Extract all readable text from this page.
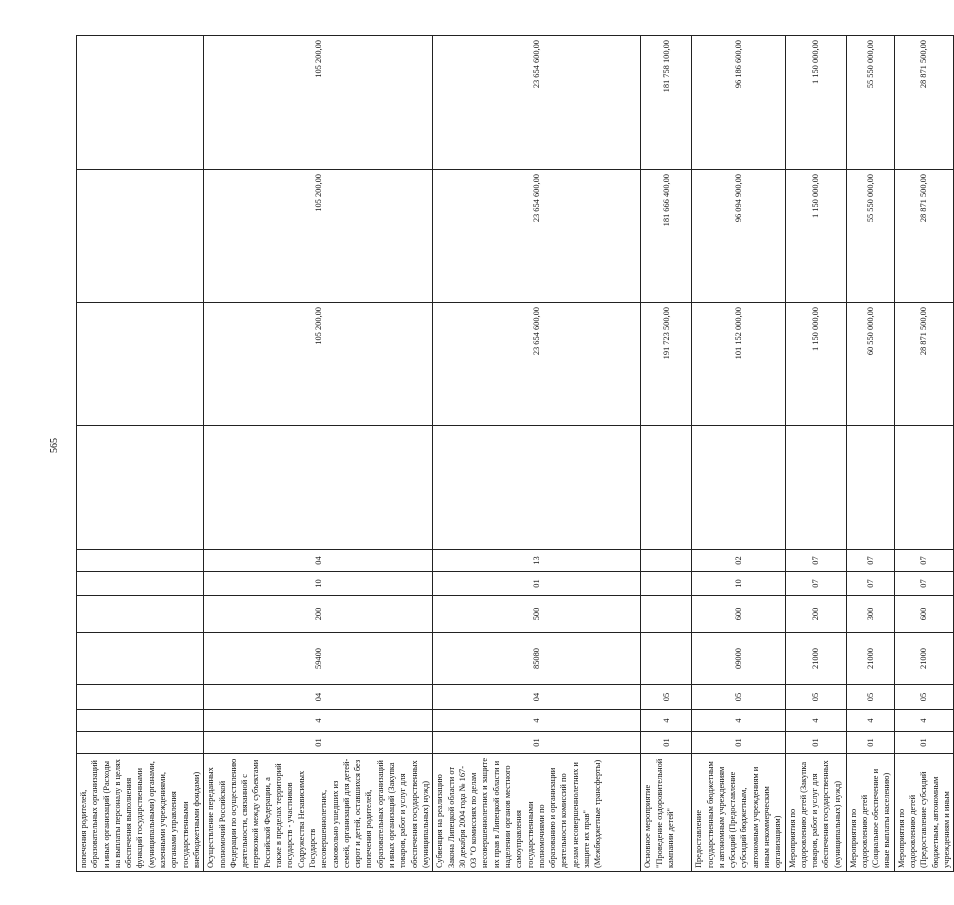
565
попечения родителей, образовательных организаций и иных организаций (Расходы на выплаты персоналу в целях обеспечения выполнения функций государственными (муниципальными) органами, казенными учреждениями, органами управления государственными внебюджетными фондами)											
Осуществление переданных полномочий Российской Федерации по осуществлению деятельности, связанной с перевозкой между субъектами Российской Федерации, а также в пределах территорий государств - участников Содружества Независимых Государств несовершеннолетних, самовольно ушедших из семей, организаций для детей-сирот и детей, оставшихся без попечения родителей, образовательных организаций и иных организаций (Закупка товаров, работ и услуг для обеспечения государственных (муниципальных) нужд)	01	4	04	59400	200	10	04		105 200,00	105 200,00	105 200,00
Субвенция на реализацию Закона Липецкой области от 30 декабря 2004 года № 167-ОЗ "О комиссиях по делам несовершеннолетних и защите их прав в Липецкой области и наделении органов местного самоуправления государственными полномочиями по образованию и организации деятельности комиссий по делам несовершеннолетних и защите их прав" (Межбюджетные трансферты)	01	4	04	85080	500	01	13		23 654 600,00	23 654 600,00	23 654 600,00
Основное мероприятие "Проведение оздоровительной кампании детей"	01	4	05						191 723 500,00	181 666 400,00	181 758 100,00
Предоставление государственным бюджетным и автономным учреждениям субсидий (Предоставление субсидий бюджетным, автономным учреждениям и иным некоммерческим организациям)	01	4	05	09000	600	10	02		101 152 000,00	96 094 900,00	96 186 600,00
Мероприятия по оздоровлению детей (Закупка товаров, работ и услуг для обеспечения государственных (муниципальных) нужд)	01	4	05	21000	200	07	07		1 150 000,00	1 150 000,00	1 150 000,00
Мероприятия по оздоровлению детей (Социальное обеспечение и иные выплаты населению)	01	4	05	21000	300	07	07		60 550 000,00	55 550 000,00	55 550 000,00
Мероприятия по оздоровлению детей (Предоставление субсидий бюджетным, автономным учреждениям и иным	01	4	05	21000	600	07	07		28 871 500,00	28 871 500,00	28 871 500,00
